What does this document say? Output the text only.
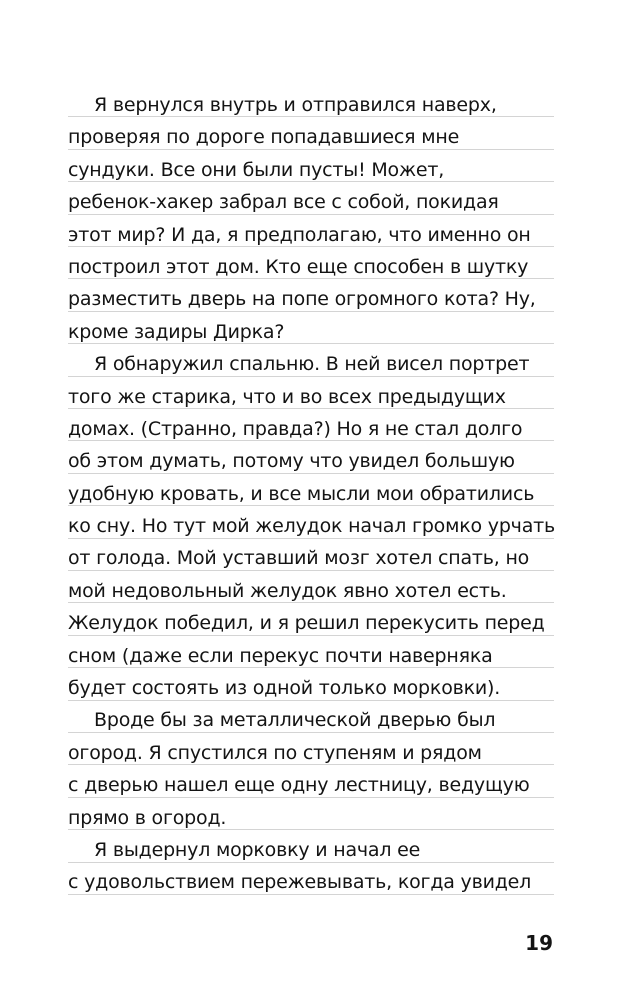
Я вернулся внутрь и отправился наверх,
проверяя по дороге попадавшиеся мне
сундуки. Все они были пусты! Может,
ребенок-хакер забрал все с собой, покидая
этот мир? И да, я предполагаю, что именно он
построил этот дом. Кто еще способен в шутку
разместить дверь на попе огромного кота? Ну,
кроме задиры Дирка?
Я обнаружил спальню. В ней висел портрет
того же старика, что и во всех предыдущих
домах. (Странно, правда?) Но я не стал долго
об этом думать, потому что увидел большую
удобную кровать, и все мысли мои обратились
ко сну. Но тут мой желудок начал громко урчать
от голода. Мой уставший мозг хотел спать, но
мой недовольный желудок явно хотел есть.
Желудок победил, и я решил перекусить перед
сном (даже если перекус почти наверняка
будет состоять из одной только морковки).
Вроде бы за металлической дверью был
огород. Я спустился по ступеням и рядом
с дверью нашел еще одну лестницу, ведущую
прямо в огород.
Я выдернул морковку и начал ее
с удовольствием пережевывать, когда увидел
19
